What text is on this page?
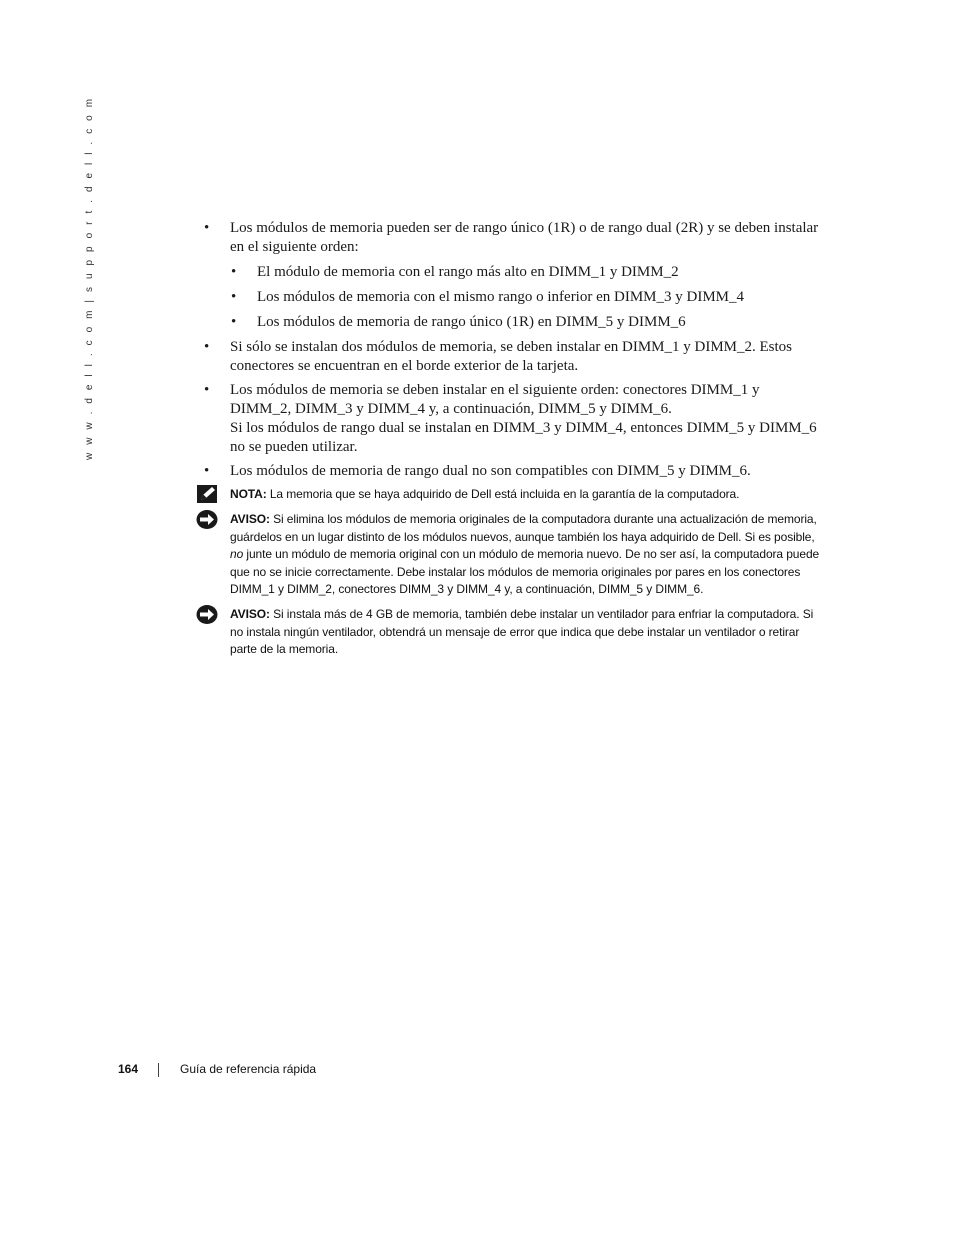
w w w . d e l l . c o m | s u p p o r t . d e l l . c o m	• Los módulos de memoria pueden ser de rango único (1R) o de rango dual (2R) y se deben instalar en el siguiente orden:

• El módulo de memoria con el rango más alto en DIMM_1 y DIMM_2
• Los módulos de memoria con el mismo rango o inferior en DIMM_3 y DIMM_4
• Los módulos de memoria de rango único (1R) en DIMM_5 y DIMM_6
• Si sólo se instalan dos módulos de memoria, se deben instalar en DIMM_1 y DIMM_2. Estos conectores se encuentran en el borde exterior de la tarjeta.

• Los módulos de memoria se deben instalar en el siguiente orden: conectores DIMM_1 y DIMM_2, DIMM_3 y DIMM_4 y, a continuación, DIMM_5 y DIMM_6.

Si los módulos de rango dual se instalan en DIMM_3 y DIMM_4, entonces DIMM_5 y DIMM_6 no se pueden utilizar.

• Los módulos de memoria de rango dual no son compatibles con DIMM_5 y DIMM_6.

NOTA: La memoria que se haya adquirido de Dell está incluida en la garantía de la computadora.
AVISO: Si elimina los módulos de memoria originales de la computadora durante una actualización de memoria, guárdelos en un lugar distinto de los módulos nuevos, aunque también los haya adquirido de Dell. Si es posible, no junte un módulo de memoria original con un módulo de memoria nuevo. De no ser así, la computadora puede que no se inicie correctamente. Debe instalar los módulos de memoria originales por pares en los conectores DIMM_1 y DIMM_2, conectores DIMM_3 y DIMM_4 y, a continuación, DIMM_5 y DIMM_6.
AVISO: Si instala más de 4 GB de memoria, también debe instalar un ventilador para enfriar la computadora. Si no instala ningún ventilador, obtendrá un mensaje de error que indica que debe instalar un ventilador o retirar parte de la memoria.
164	Guía de referencia rápida
